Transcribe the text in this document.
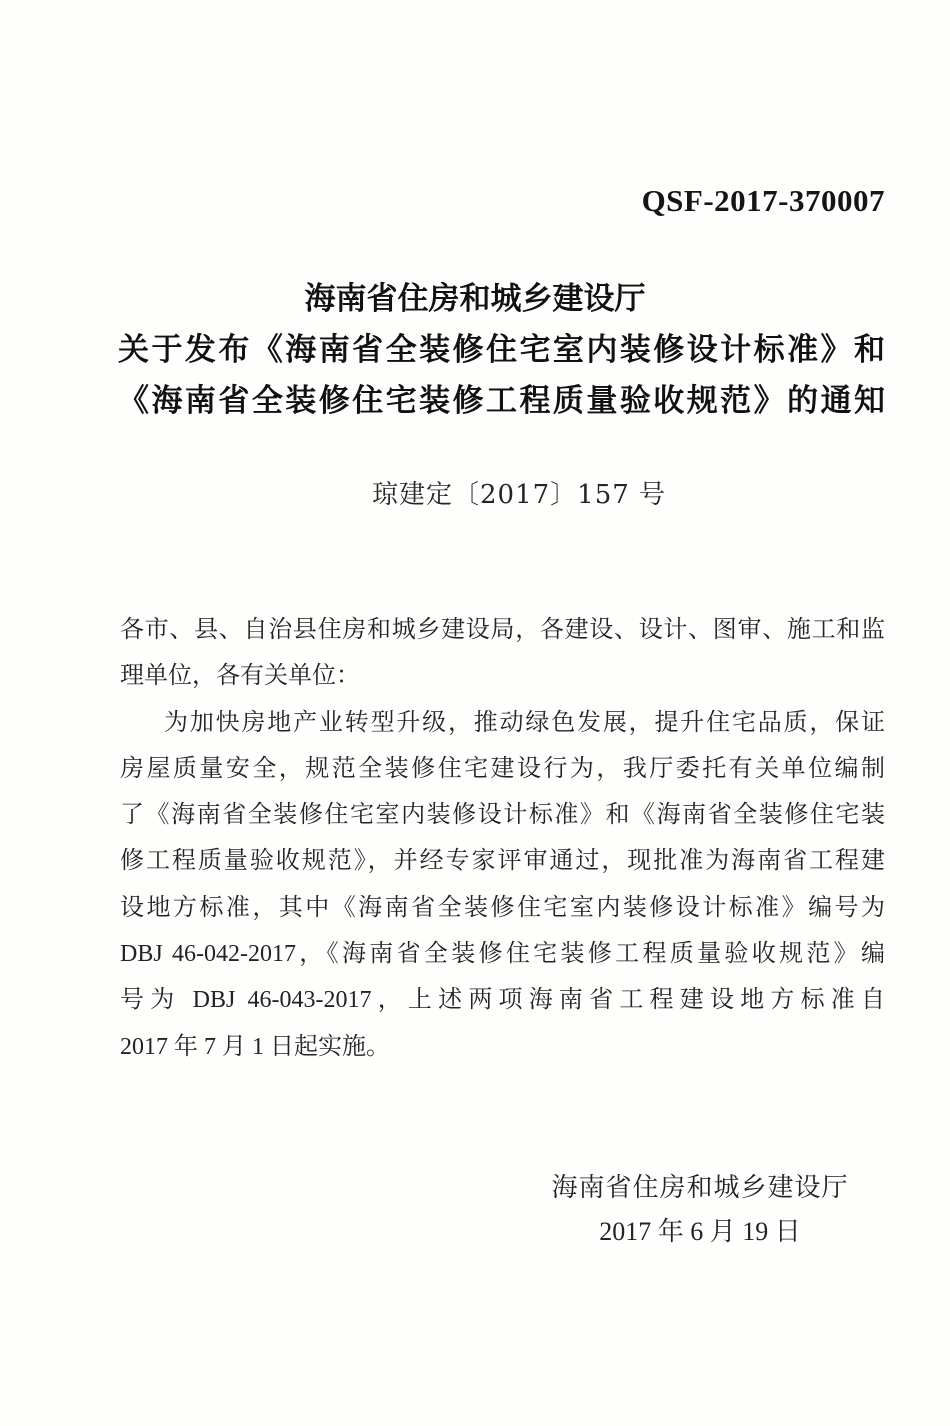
QSF-2017-370007
海南省住房和城乡建设厅
关于发布《海南省全装修住宅室内装修设计标准》和
《海南省全装修住宅装修工程质量验收规范》的通知
琼建定〔2017〕157 号
各市、县、自治县住房和城乡建设局，各建设、设计、图审、施工和监
理单位，各有关单位：
为加快房地产业转型升级，推动绿色发展，提升住宅品质，保证
房屋质量安全，规范全装修住宅建设行为，我厅委托有关单位编制
了《海南省全装修住宅室内装修设计标准》和《海南省全装修住宅装
修工程质量验收规范》，并经专家评审通过，现批准为海南省工程建
设地方标准，其中《海南省全装修住宅室内装修设计标准》编号为
DBJ 46-042-2017，《海南省全装修住宅装修工程质量验收规范》编
号为 DBJ 46-043-2017，上述两项海南省工程建设地方标准自
2017 年 7 月 1 日起实施。
海南省住房和城乡建设厅
2017 年 6 月 19 日
